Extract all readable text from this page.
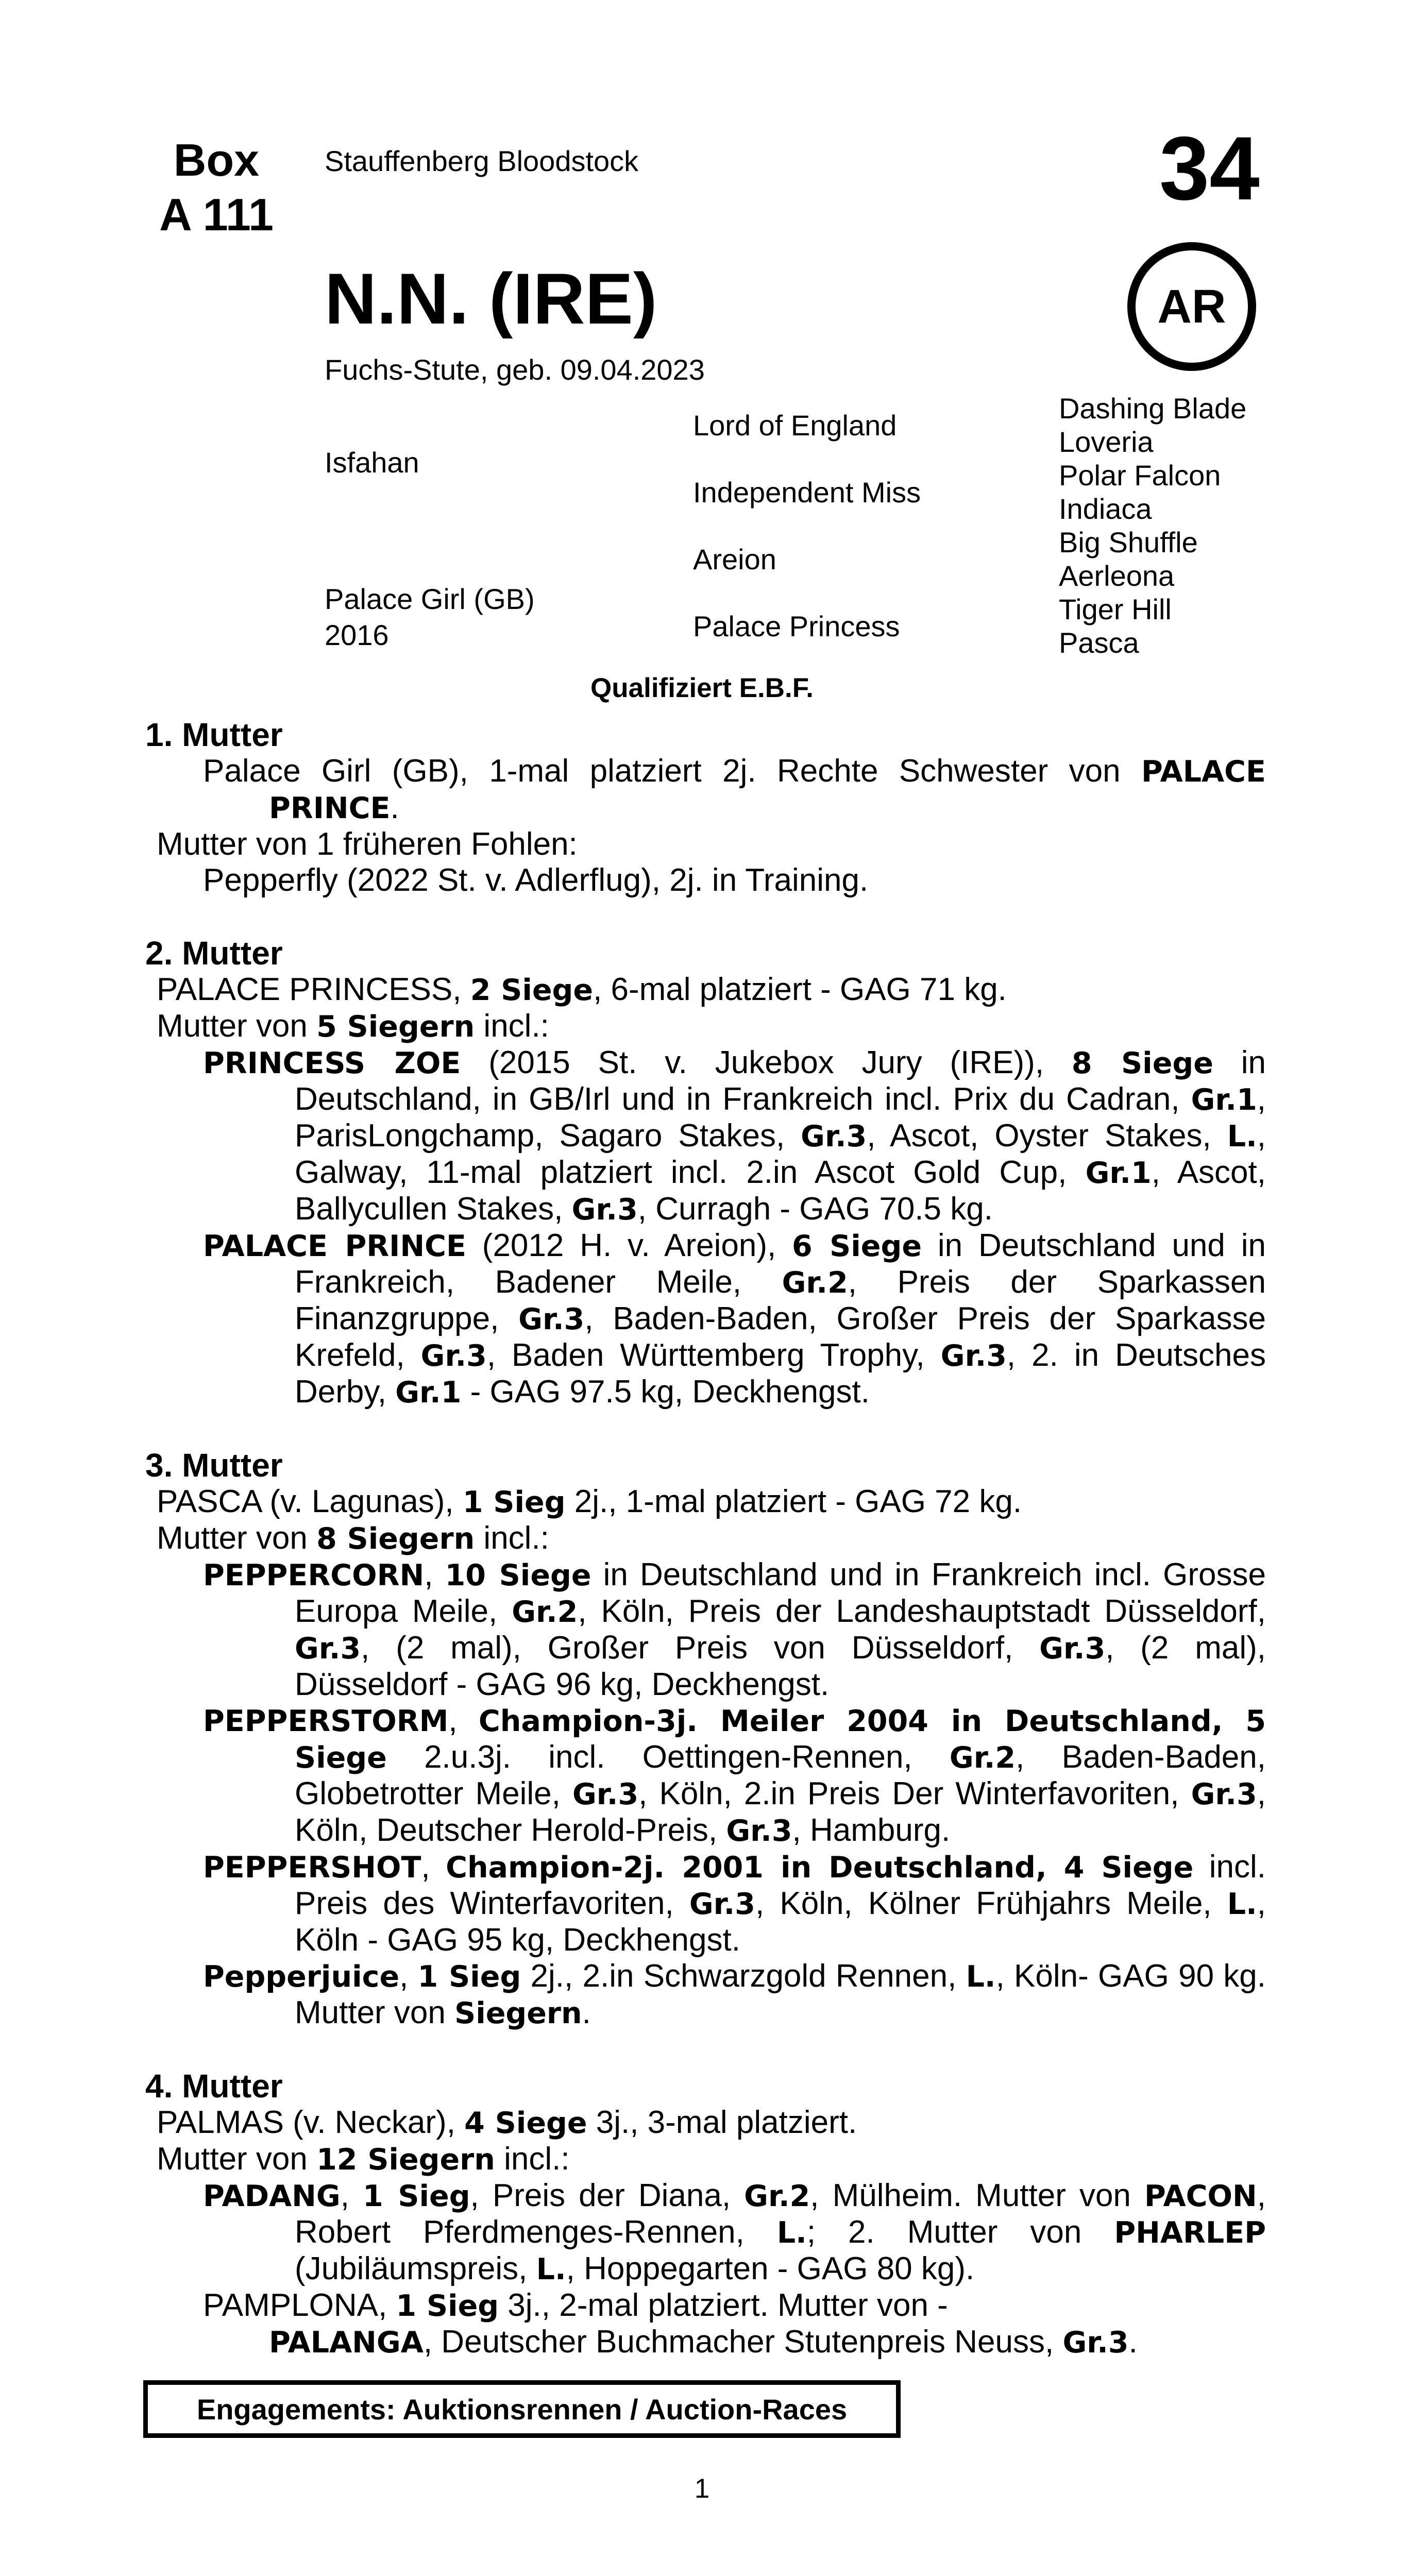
Box
A 111
Stauffenberg Bloodstock	34
AR
N.N. (IRE)
Fuchs-Stute, geb. 09.04.2023
Isfahan
Palace Girl (GB)
2016
Lord of England
Independent Miss
Areion
Palace Princess
Dashing Blade
Loveria
Polar Falcon
Indiaca
Big Shuffle
Aerleona
Tiger Hill
Pasca
Qualifiziert E.B.F.
1. Mutter

Palace Girl (GB), 1-mal platziert 2j. Rechte Schwester von PALACE PRINCE.

Mutter von 1 früheren Fohlen:

Pepperfly (2022 St. v. Adlerflug), 2j. in Training.

2. Mutter

PALACE PRINCESS, 2 Siege, 6-mal platziert - GAG 71 kg.

Mutter von 5 Siegern incl.:

PRINCESS ZOE (2015 St. v. Jukebox Jury (IRE)), 8 Siege in Deutschland, in GB/Irl und in Frankreich incl. Prix du Cadran, Gr.1, ParisLongchamp, Sagaro Stakes, Gr.3, Ascot, Oyster Stakes, L., Galway, 11-mal platziert incl. 2.in Ascot Gold Cup, Gr.1, Ascot, Ballycullen Stakes, Gr.3, Curragh - GAG 70.5 kg.

PALACE PRINCE (2012 H. v. Areion), 6 Siege in Deutschland und in Frankreich, Badener Meile, Gr.2, Preis der Sparkassen Finanzgruppe, Gr.3, Baden-Baden, Großer Preis der Sparkasse Krefeld, Gr.3, Baden Württemberg Trophy, Gr.3, 2. in Deutsches Derby, Gr.1 - GAG 97.5 kg, Deckhengst.

3. Mutter

PASCA (v. Lagunas), 1 Sieg 2j., 1-mal platziert - GAG 72 kg.

Mutter von 8 Siegern incl.:

PEPPERCORN, 10 Siege in Deutschland und in Frankreich incl. Grosse Europa Meile, Gr.2, Köln, Preis der Landeshauptstadt Düsseldorf, Gr.3, (2 mal), Großer Preis von Düsseldorf, Gr.3, (2 mal), Düsseldorf - GAG 96 kg, Deckhengst.

PEPPERSTORM, Champion-3j. Meiler 2004 in Deutschland, 5 Siege 2.u.3j. incl. Oettingen-Rennen, Gr.2, Baden-Baden, Globetrotter Meile, Gr.3, Köln, 2.in Preis Der Winterfavoriten, Gr.3, Köln, Deutscher Herold-Preis, Gr.3, Hamburg.

PEPPERSHOT, Champion-2j. 2001 in Deutschland, 4 Siege incl. Preis des Winterfavoriten, Gr.3, Köln, Kölner Frühjahrs Meile, L., Köln - GAG 95 kg, Deckhengst.

Pepperjuice, 1 Sieg 2j., 2.in Schwarzgold Rennen, L., Köln- GAG 90 kg. Mutter von Siegern.

4. Mutter

PALMAS (v. Neckar), 4 Siege 3j., 3-mal platziert.

Mutter von 12 Siegern incl.:

PADANG, 1 Sieg, Preis der Diana, Gr.2, Mülheim. Mutter von PACON, Robert Pferdmenges-Rennen, L.; 2. Mutter von PHARLEP (Jubiläumspreis, L., Hoppegarten - GAG 80 kg).

PAMPLONA, 1 Sieg 3j., 2-mal platziert. Mutter von -

PALANGA, Deutscher Buchmacher Stutenpreis Neuss, Gr.3.

Engagements: Auktionsrennen / Auction-Races
1
